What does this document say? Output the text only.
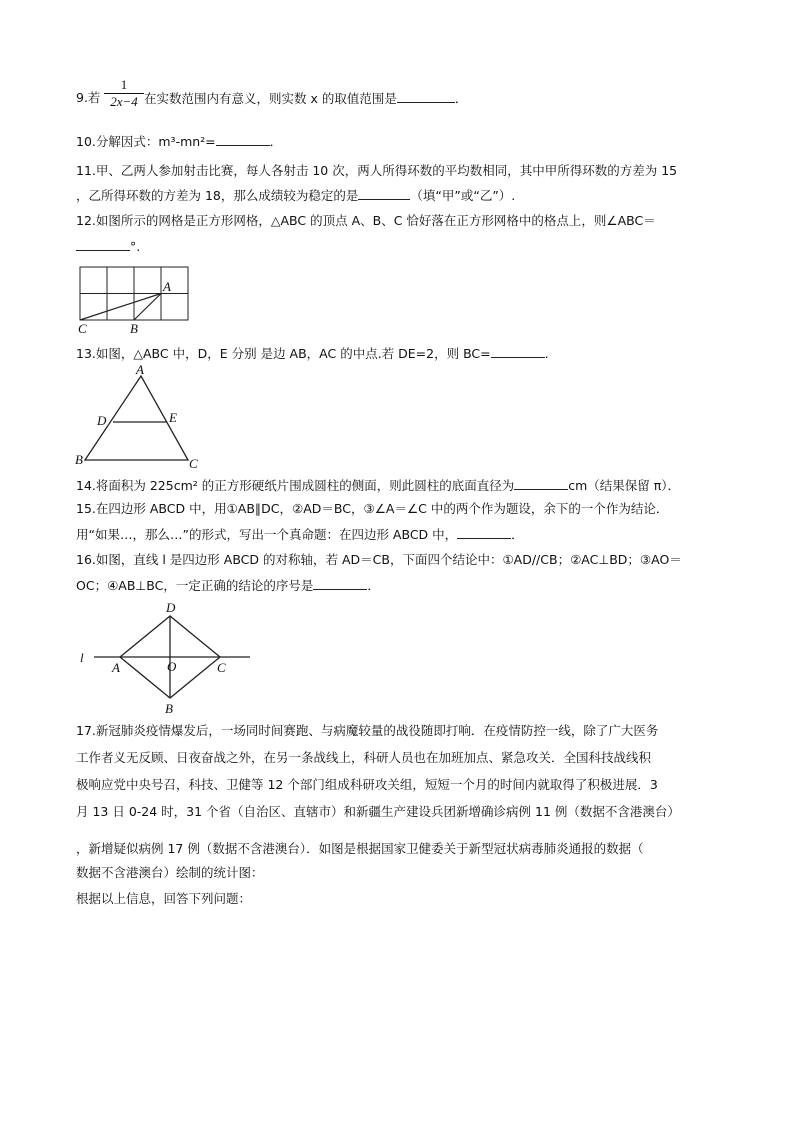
9.若
1
2x−4 在实数范围内有意义，则实数 x 的取值范围是	．
10.分解因式：m³-mn²=	．
11.甲、乙两人参加射击比赛，每人各射击 10 次，两人所得环数的平均数相同，其中甲所得环数的方差为 15
，乙所得环数的方差为 18，那么成绩较为稳定的是	（填“甲”或“乙”）.
12.如图所示的网格是正方形网格，△ABC 的顶点 A、B、C 恰好落在正方形网格中的格点上，则∠ABC＝
°.
A
C	B
13.如图，△ABC 中，D，E 分别 是边 AB，AC 的中点.若 DE=2，则 BC=	.
A
D	E
B	C
14.将面积为 225cm² 的正方形硬纸片围成圆柱的侧面，则此圆柱的底面直径为	cm（结果保留 π）．
15.在四边形 ABCD 中，用①AB∥DC，②AD＝BC，③∠A＝∠C 中的两个作为题设，余下的一个作为结论．
用“如果…，那么…”的形式，写出一个真命题：在四边形 ABCD 中，	．
16.如图，直线 l 是四边形 ABCD 的对称轴，若 AD＝CB，下面四个结论中：①AD//CB；②AC⊥BD；③AO＝
OC；④AB⊥BC，一定正确的结论的序号是	．
D
l
A	O	C
B
17.新冠肺炎疫情爆发后，一场同时间赛跑、与病魔较量的战役随即打响．在疫情防控一线，除了广大医务
工作者义无反顾、日夜奋战之外，在另一条战线上，科研人员也在加班加点、紧急攻关．全国科技战线积
极响应党中央号召，科技、卫健等 12 个部门组成科研攻关组，短短一个月的时间内就取得了积极进展．3
月 13 日 0-24 时，31 个省（自治区、直辖市）和新疆生产建设兵团新增确诊病例 11 例（数据不含港澳台）
，新增疑似病例 17 例（数据不含港澳台）．如图是根据国家卫健委关于新型冠状病毒肺炎通报的数据（
数据不含港澳台）绘制的统计图：
根据以上信息，回答下列问题：
